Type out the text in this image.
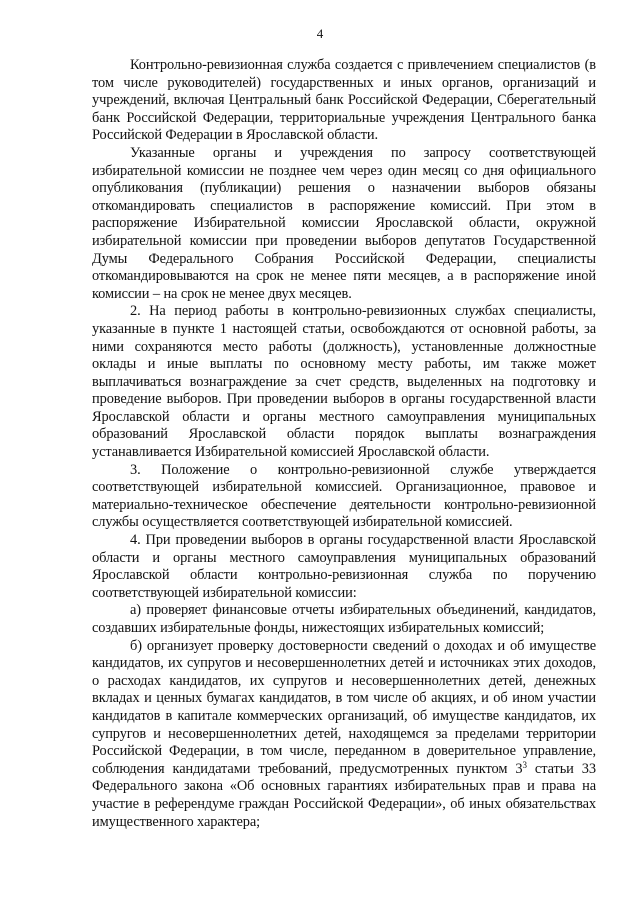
4

Контрольно-ревизионная служба создается с привлечением специалистов (в том числе руководителей) государственных и иных органов, организаций и учреждений, включая Центральный банк Российской Федерации, Сберегательный банк Российской Федерации, территориальные учреждения Центрального банка Российской Федерации в Ярославской области.

Указанные органы и учреждения по запросу соответствующей избирательной комиссии не позднее чем через один месяц со дня официального опубликования (публикации) решения о назначении выборов обязаны откомандировать специалистов в распоряжение комиссий. При этом в распоряжение Избирательной комиссии Ярославской области, окружной избирательной комиссии при проведении выборов депутатов Государственной Думы Федерального Собрания Российской Федерации, специалисты откомандировываются на срок не менее пяти месяцев, а в распоряжение иной комиссии – на срок не менее двух месяцев.

2. На период работы в контрольно-ревизионных службах специалисты, указанные в пункте 1 настоящей статьи, освобождаются от основной работы, за ними сохраняются место работы (должность), установленные должностные оклады и иные выплаты по основному месту работы, им также может выплачиваться вознаграждение за счет средств, выделенных на подготовку и проведение выборов. При проведении выборов в органы государственной власти Ярославской области и органы местного самоуправления муниципальных образований Ярославской области порядок выплаты вознаграждения устанавливается Избирательной комиссией Ярославской области.

3. Положение о контрольно-ревизионной службе утверждается соответствующей избирательной комиссией. Организационное, правовое и материально-техническое обеспечение деятельности контрольно-ревизионной службы осуществляется соответствующей избирательной комиссией.

4. При проведении выборов в органы государственной власти Ярославской области и органы местного самоуправления муниципальных образований Ярославской области контрольно-ревизионная служба по поручению соответствующей избирательной комиссии:

а) проверяет финансовые отчеты избирательных объединений, кандидатов, создавших избирательные фонды, нижестоящих избирательных комиссий;

б) организует проверку достоверности сведений о доходах и об имуществе кандидатов, их супругов и несовершеннолетних детей и источниках этих доходов, о расходах кандидатов, их супругов и несовершеннолетних детей, денежных вкладах и ценных бумагах кандидатов, в том числе об акциях, и об ином участии кандидатов в капитале коммерческих организаций, об имуществе кандидатов, их супругов и несовершеннолетних детей, находящемся за пределами территории Российской Федерации, в том числе, переданном в доверительное управление, соблюдения кандидатами требований, предусмотренных пунктом $3^3$ статьи 33 Федерального закона «Об основных гарантиях избирательных прав и права на участие в референдуме граждан Российской Федерации», об иных обязательствах имущественного характера;
